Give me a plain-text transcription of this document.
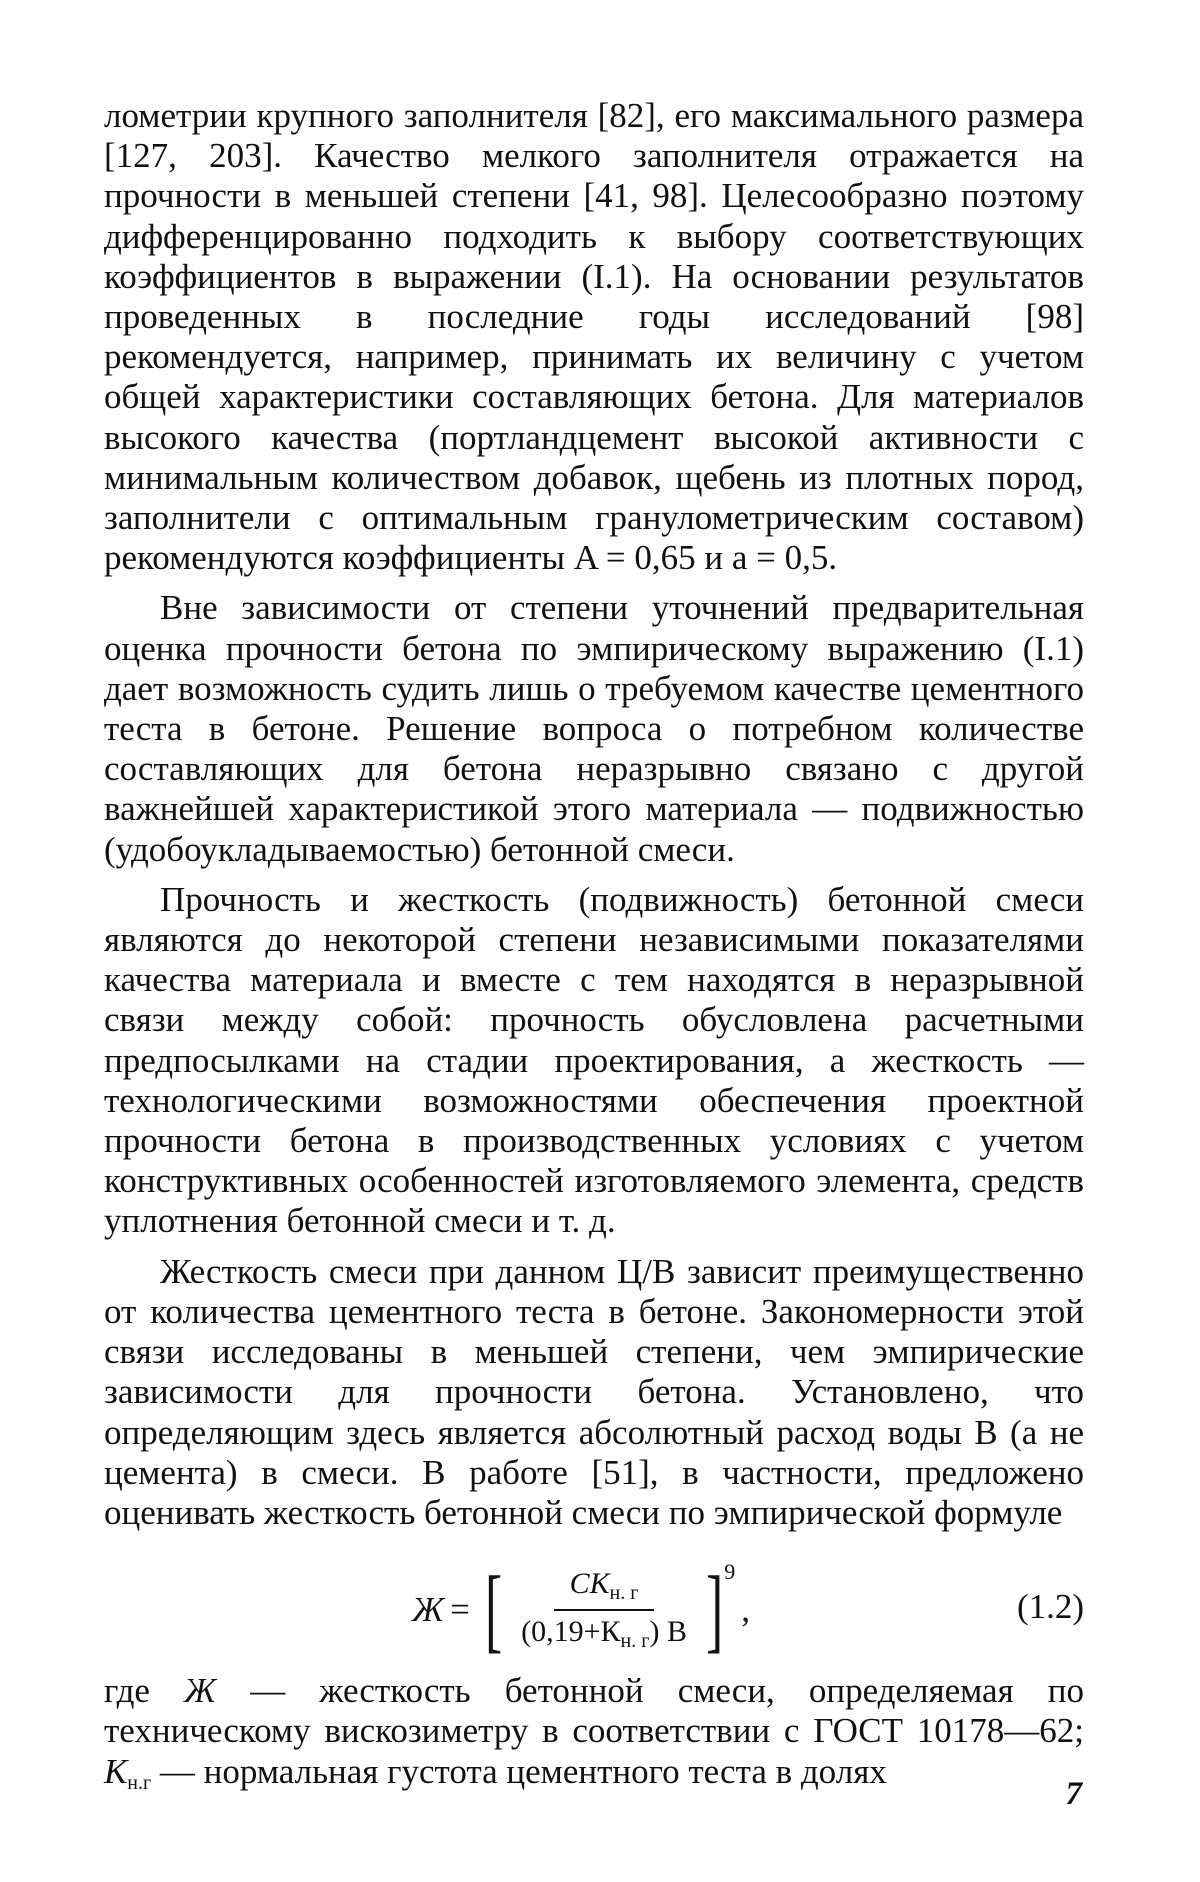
лометрии крупного заполнителя [82], его максимального размера [127, 203]. Качество мелкого заполнителя отражается на прочности в меньшей степени [41, 98]. Целесообразно поэтому дифференцированно подходить к выбору соответствующих коэффициентов в выражении (I.1). На основании результатов проведенных в последние годы исследований [98] рекомендуется, например, принимать их величину с учетом общей характеристики составляющих бетона. Для материалов высокого качества (портландцемент высокой активности с минимальным количеством добавок, щебень из плотных пород, заполнители с оптимальным гранулометрическим составом) рекомендуются коэффициенты A = 0,65 и a = 0,5.

Вне зависимости от степени уточнений предварительная оценка прочности бетона по эмпирическому выражению (I.1) дает возможность судить лишь о требуемом качестве цементного теста в бетоне. Решение вопроса о потребном количестве составляющих для бетона неразрывно связано с другой важнейшей характеристикой этого материала — подвижностью (удобоукладываемостью) бетонной смеси.

Прочность и жесткость (подвижность) бетонной смеси являются до некоторой степени независимыми показателями качества материала и вместе с тем находятся в неразрывной связи между собой: прочность обусловлена расчетными предпосылками на стадии проектирования, а жесткость — технологическими возможностями обеспечения проектной прочности бетона в производственных условиях с учетом конструктивных особенностей изготовляемого элемента, средств уплотнения бетонной смеси и т. д.

Жесткость смеси при данном Ц/В зависит преимущественно от количества цементного теста в бетоне. Закономерности этой связи исследованы в меньшей степени, чем эмпирические зависимости для прочности бетона. Установлено, что определяющим здесь является абсолютный расход воды В (а не цемента) в смеси. В работе [51], в частности, предложено оценивать жесткость бетонной смеси по эмпирической формуле

Ж = [ $\frac{СК_{н. г}}{(0,19+К_{н. г}) В}$ ] 9
,	(1.2)

где Ж — жесткость бетонной смеси, определяемая по техническому вискозиметру в соответствии с ГОСТ 10178—62; $К_{н.г}$ — нормальная густота цементного теста в долях

7
